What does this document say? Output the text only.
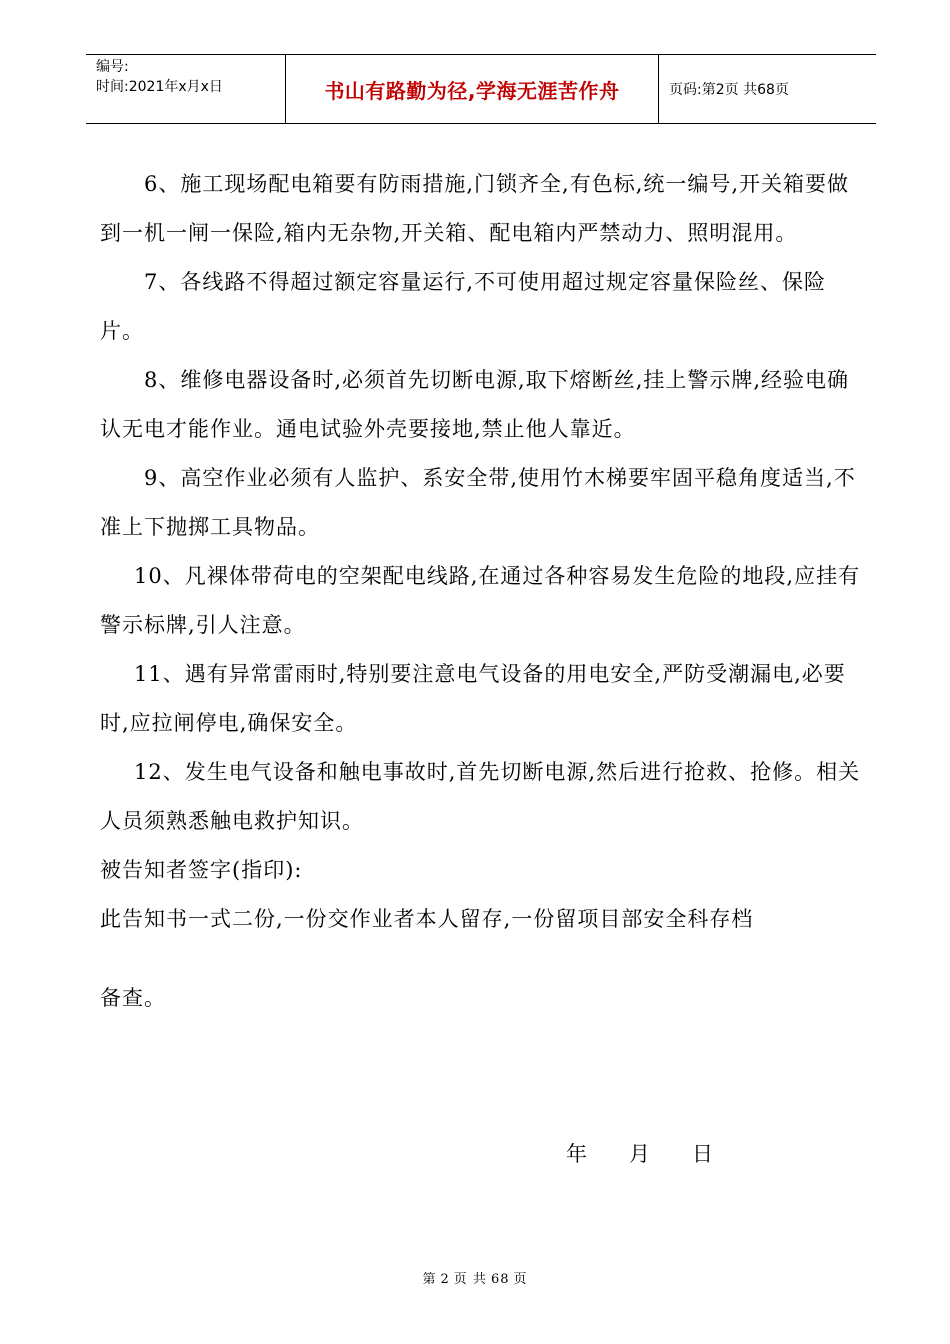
编号:
时间:2021年x月x日	书山有路勤为径,学海无涯苦作舟	页码:第2页 共68页

6、施工现场配电箱要有防雨措施,门锁齐全,有色标,统一编号,开关箱要做到一机一闸一保险,箱内无杂物,开关箱、配电箱内严禁动力、照明混用。

7、各线路不得超过额定容量运行,不可使用超过规定容量保险丝、保险片。

8、维修电器设备时,必须首先切断电源,取下熔断丝,挂上警示牌,经验电确认无电才能作业。通电试验外壳要接地,禁止他人靠近。

9、高空作业必须有人监护、系安全带,使用竹木梯要牢固平稳角度适当,不准上下抛掷工具物品。

10、凡裸体带荷电的空架配电线路,在通过各种容易发生危险的地段,应挂有警示标牌,引人注意。

11、遇有异常雷雨时,特别要注意电气设备的用电安全,严防受潮漏电,必要时,应拉闸停电,确保安全。

12、发生电气设备和触电事故时,首先切断电源,然后进行抢救、抢修。相关人员须熟悉触电救护知识。

被告知者签字(指印):

此告知书一式二份,一份交作业者本人留存,一份留项目部安全科存档

备查。

年 月 日
第 2 页 共 68 页
